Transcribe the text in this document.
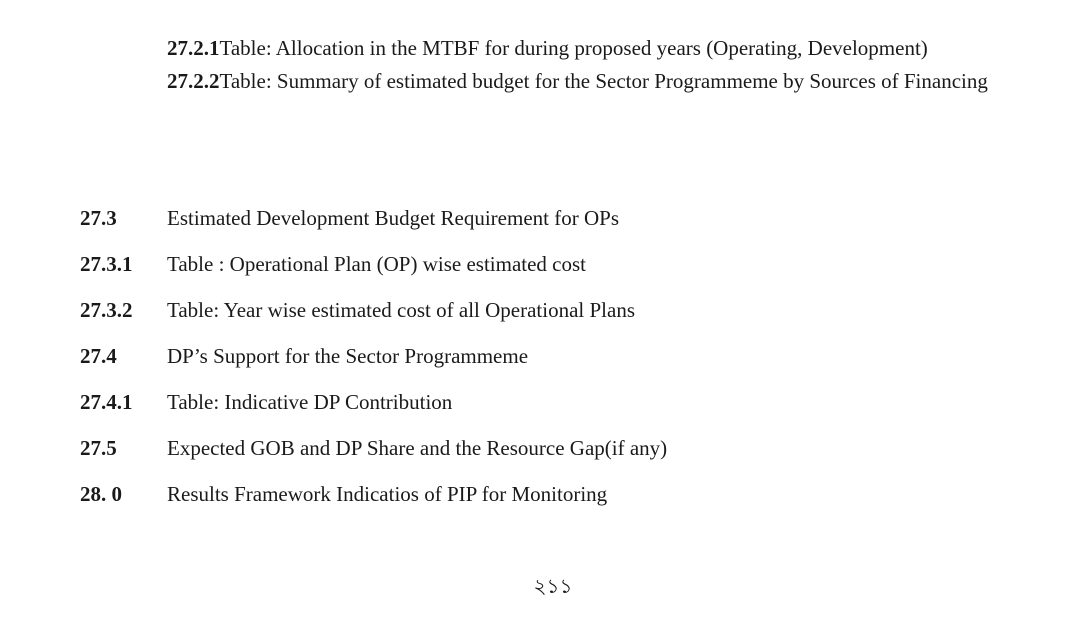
27.2.1Table: Allocation in the MTBF for during proposed years (Operating, Development)
27.2.2Table: Summary of estimated budget for the Sector Programmeme by Sources of Financing
27.3 Estimated Development Budget Requirement for OPs
27.3.1 Table : Operational Plan (OP) wise estimated cost
27.3.2 Table: Year wise estimated cost of all Operational Plans
27.4 DP’s Support for the Sector Programmeme
27.4.1 Table: Indicative DP Contribution
27.5 Expected GOB and DP Share and the Resource Gap(if any)
28. 0 Results Framework Indicatios of PIP for Monitoring
২১১
